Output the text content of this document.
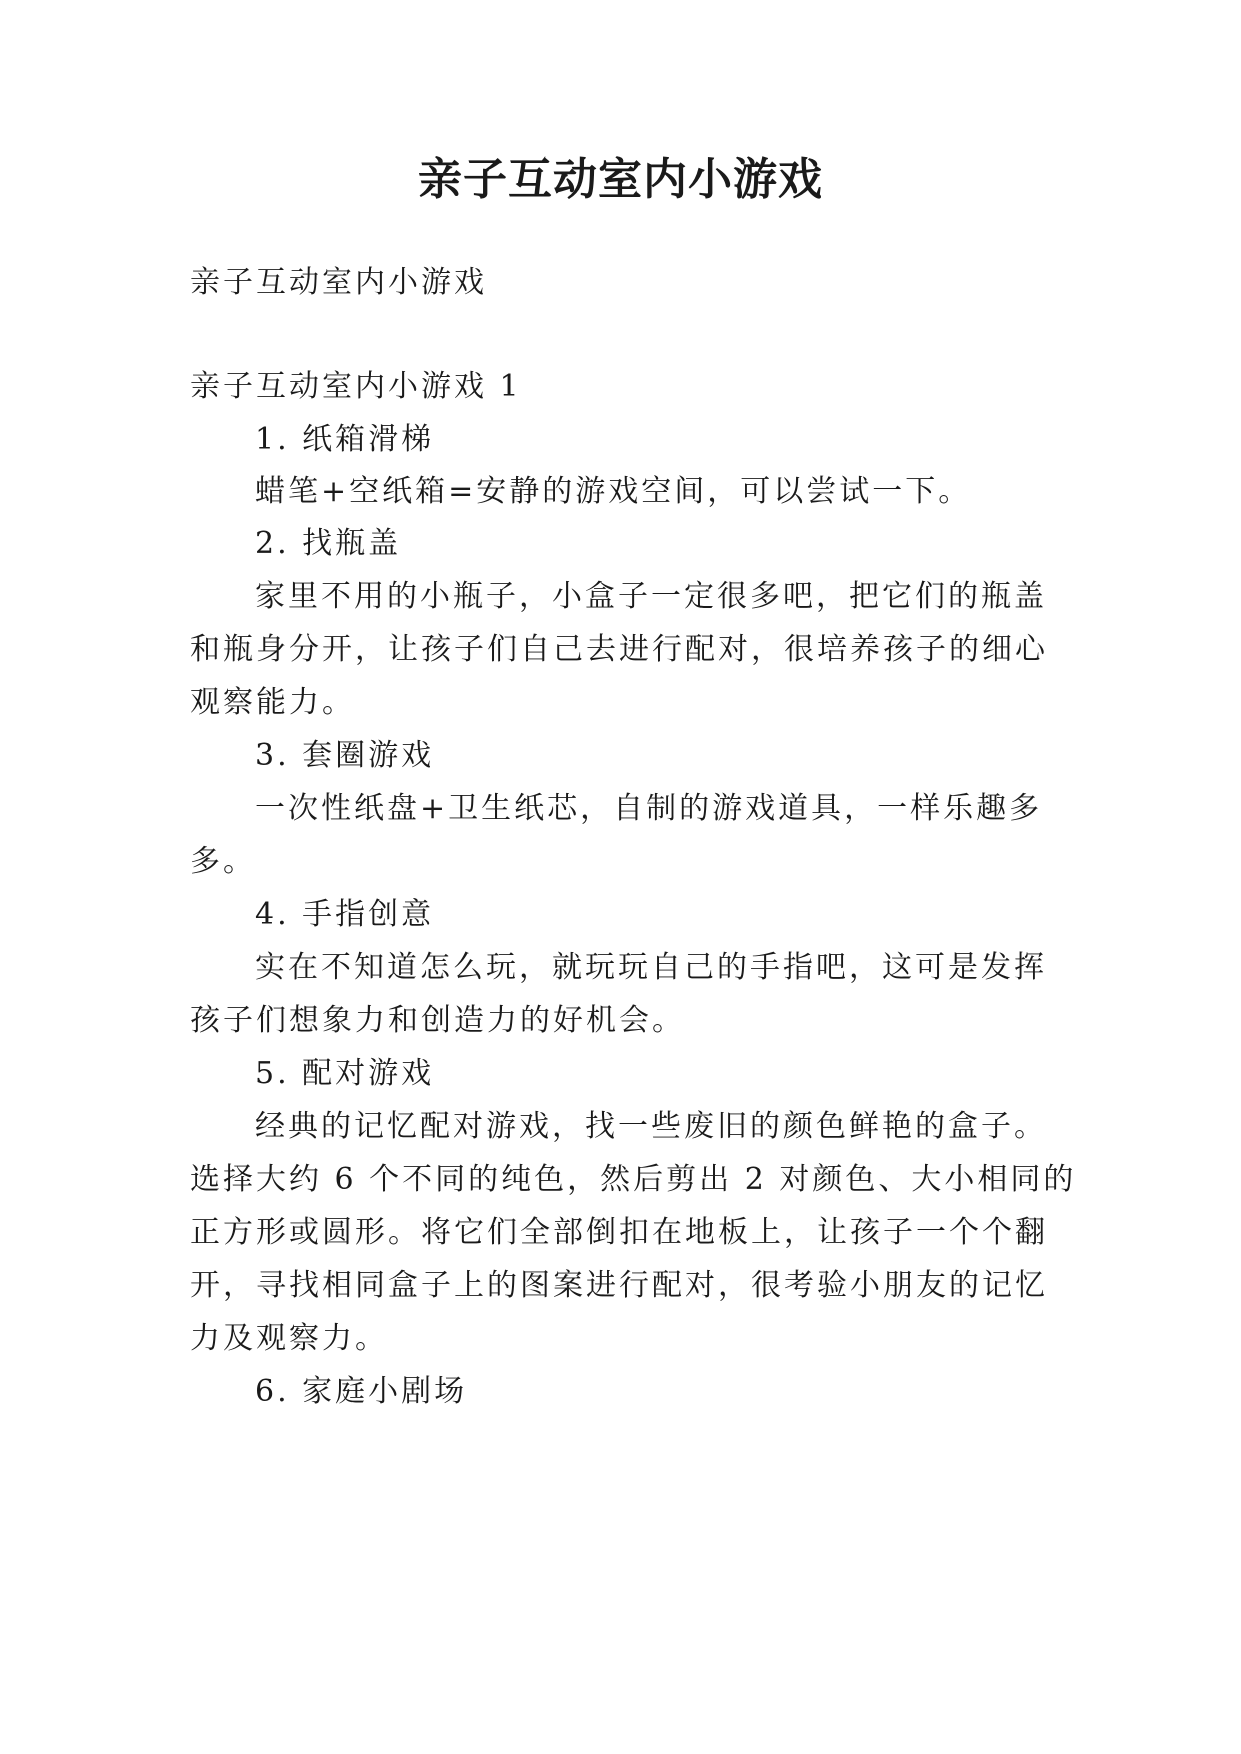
亲子互动室内小游戏
亲子互动室内小游戏
亲子互动室内小游戏 1
1. 纸箱滑梯
蜡笔+空纸箱=安静的游戏空间，可以尝试一下。
2. 找瓶盖
家里不用的小瓶子，小盒子一定很多吧，把它们的瓶盖
和瓶身分开，让孩子们自己去进行配对，很培养孩子的细心
观察能力。
3. 套圈游戏
一次性纸盘+卫生纸芯，自制的游戏道具，一样乐趣多
多。
4. 手指创意
实在不知道怎么玩，就玩玩自己的手指吧，这可是发挥
孩子们想象力和创造力的好机会。
5. 配对游戏
经典的记忆配对游戏，找一些废旧的颜色鲜艳的盒子。
选择大约 6 个不同的纯色，然后剪出 2 对颜色、大小相同的
正方形或圆形。将它们全部倒扣在地板上，让孩子一个个翻
开，寻找相同盒子上的图案进行配对，很考验小朋友的记忆
力及观察力。
6. 家庭小剧场
